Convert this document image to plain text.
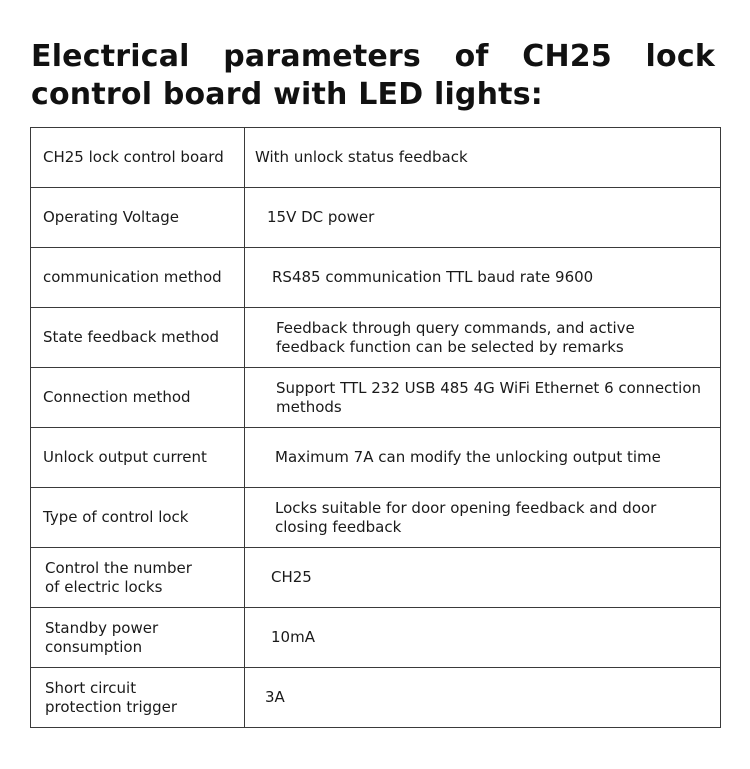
Electrical parameters of CH25 lock control board with LED lights:
CH25 lock control board	With unlock status feedback

Operating Voltage	15V DC power

communication method	RS485 communication TTL baud rate 9600

State feedback method	Feedback through query commands, and active feedback function can be selected by remarks

Connection method	Support TTL 232 USB 485 4G WiFi Ethernet 6 connection methods

Unlock output current	Maximum 7A can modify the unlocking output time

Type of control lock	Locks suitable for door opening feedback and door closing feedback

Control the number of electric locks	CH25

Standby power consumption	10mA

Short circuit protection trigger	3A
